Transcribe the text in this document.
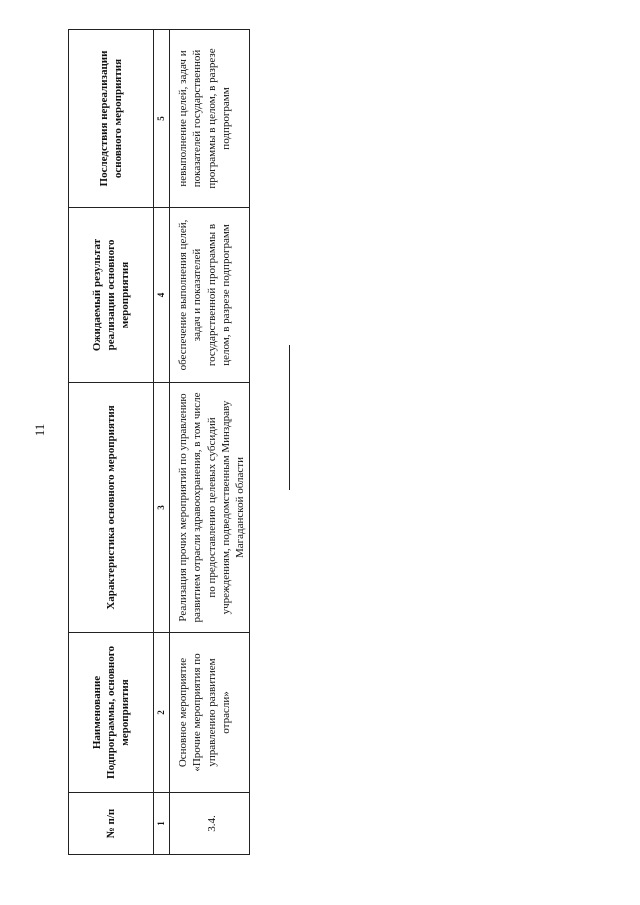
11
№ п/п	Наименование Подпрограммы, основного мероприятия	Характеристика основного мероприятия	Ожидаемый результат реализации основного мероприятия	Последствия нереализации основного мероприятия
1	2	3	4	5
3.4.	Основное мероприятие «Прочие мероприятия по управлению развитием отрасли»	Реализация прочих мероприятий по управлению развитием отрасли здравоохранения, в том числе по предоставлению целевых субсидий учреждениям, подведомственным Минздраву Магаданской области	обеспечение выполнения целей, задач и показателей государственной программы в целом, в разрезе подпрограмм	невыполнение целей, задач и показателей государственной программы в целом, в разрезе подпрограмм
